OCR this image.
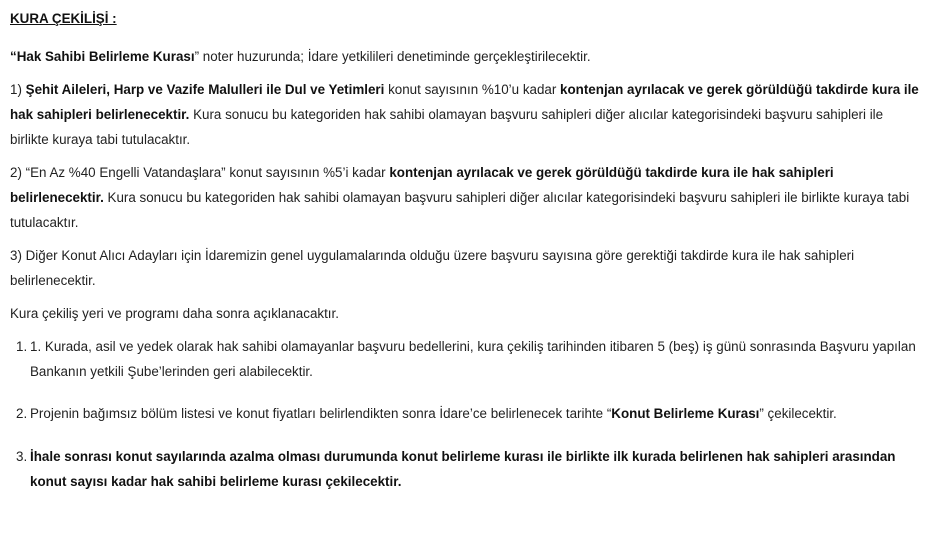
KURA ÇEKİLİŞİ :

“Hak Sahibi Belirleme Kurası” noter huzurunda; İdare yetkilileri denetiminde gerçekleştirilecektir.

1) Şehit Aileleri, Harp ve Vazife Malulleri ile Dul ve Yetimleri konut sayısının %10’u kadar kontenjan ayrılacak ve gerek görüldüğü takdirde kura ile hak sahipleri belirlenecektir. Kura sonucu bu kategoriden hak sahibi olamayan başvuru sahipleri diğer alıcılar kategorisindeki başvuru sahipleri ile birlikte kuraya tabi tutulacaktır.

2) “En Az %40 Engelli Vatandaşlara” konut sayısının %5’i kadar kontenjan ayrılacak ve gerek görüldüğü takdirde kura ile hak sahipleri belirlenecektir. Kura sonucu bu kategoriden hak sahibi olamayan başvuru sahipleri diğer alıcılar kategorisindeki başvuru sahipleri ile birlikte kuraya tabi tutulacaktır.

3) Diğer Konut Alıcı Adayları için İdaremizin genel uygulamalarında olduğu üzere başvuru sayısına göre gerektiği takdirde kura ile hak sahipleri belirlenecektir.

Kura çekiliş yeri ve programı daha sonra açıklanacaktır.

1. 1. Kurada, asil ve yedek olarak hak sahibi olamayanlar başvuru bedellerini, kura çekiliş tarihinden itibaren 5 (beş) iş günü sonrasında Başvuru yapılan Bankanın yetkili Şube’lerinden geri alabilecektir.
2. Projenin bağımsız bölüm listesi ve konut fiyatları belirlendikten sonra İdare’ce belirlenecek tarihte “Konut Belirleme Kurası” çekilecektir.
3. İhale sonrası konut sayılarında azalma olması durumunda konut belirleme kurası ile birlikte ilk kurada belirlenen hak sahipleri arasından konut sayısı kadar hak sahibi belirleme kurası çekilecektir.
